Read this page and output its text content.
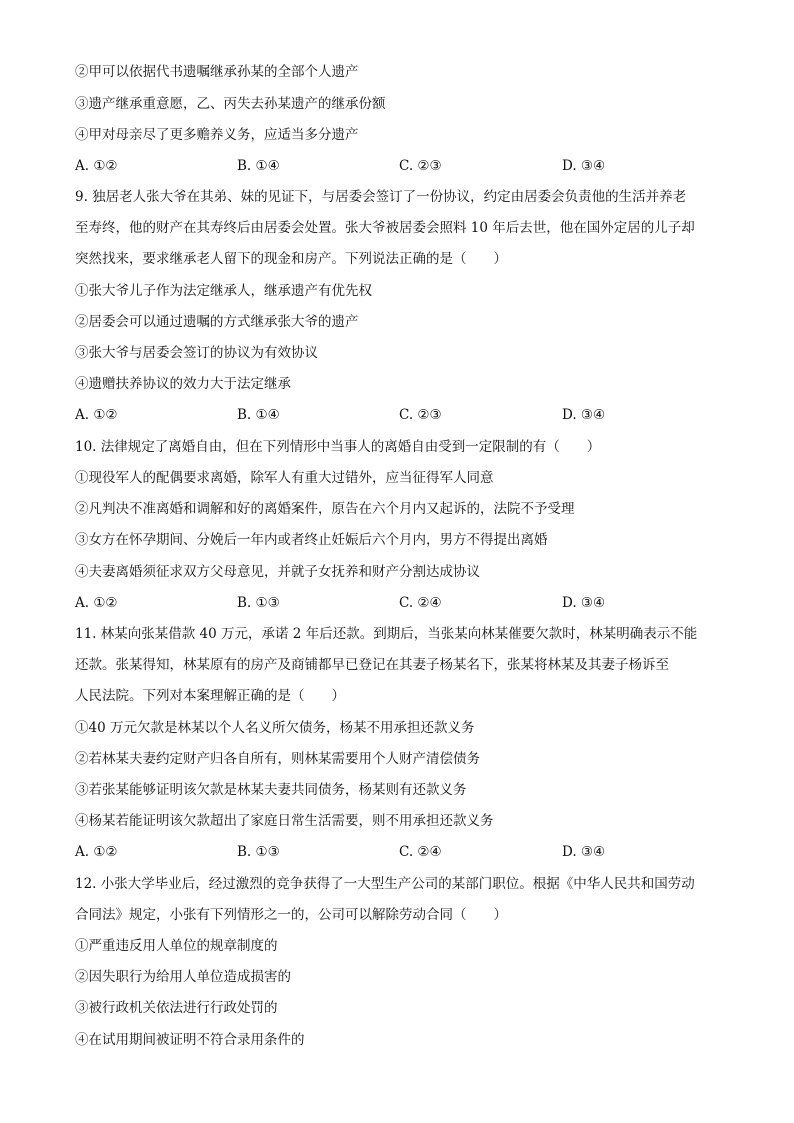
②甲可以依据代书遗嘱继承孙某的全部个人遗产
③遗产继承重意愿，乙、丙失去孙某遗产的继承份额
④甲对母亲尽了更多赡养义务，应适当多分遗产
A. ①②	B. ①④	C. ②③	D. ③④
9. 独居老人张大爷在其弟、妹的见证下，与居委会签订了一份协议，约定由居委会负责他的生活并养老
至寿终，他的财产在其寿终后由居委会处置。张大爷被居委会照料 10 年后去世，他在国外定居的儿子却
突然找来，要求继承老人留下的现金和房产。下列说法正确的是（　　）
①张大爷儿子作为法定继承人，继承遗产有优先权
②居委会可以通过遗嘱的方式继承张大爷的遗产
③张大爷与居委会签订的协议为有效协议
④遗赠扶养协议的效力大于法定继承
A. ①②	B. ①④	C. ②③	D. ③④
10. 法律规定了离婚自由，但在下列情形中当事人的离婚自由受到一定限制的有（　　）
①现役军人的配偶要求离婚，除军人有重大过错外，应当征得军人同意
②凡判决不准离婚和调解和好的离婚案件，原告在六个月内又起诉的，法院不予受理
③女方在怀孕期间、分娩后一年内或者终止妊娠后六个月内，男方不得提出离婚
④夫妻离婚须征求双方父母意见，并就子女抚养和财产分割达成协议
A. ①②	B. ①③	C. ②④	D. ③④
11. 林某向张某借款 40 万元，承诺 2 年后还款。到期后，当张某向林某催要欠款时，林某明确表示不能
还款。张某得知，林某原有的房产及商铺都早已登记在其妻子杨某名下，张某将林某及其妻子杨诉至
人民法院。下列对本案理解正确的是（　　）
①40 万元欠款是林某以个人名义所欠债务，杨某不用承担还款义务
②若林某夫妻约定财产归各自所有，则林某需要用个人财产清偿债务
③若张某能够证明该欠款是林某夫妻共同债务，杨某则有还款义务
④杨某若能证明该欠款超出了家庭日常生活需要，则不用承担还款义务
A. ①②	B. ①③	C. ②④	D. ③④
12. 小张大学毕业后，经过激烈的竞争获得了一大型生产公司的某部门职位。根据《中华人民共和国劳动
合同法》规定，小张有下列情形之一的，公司可以解除劳动合同（　　）
①严重违反用人单位的规章制度的
②因失职行为给用人单位造成损害的
③被行政机关依法进行行政处罚的
④在试用期间被证明不符合录用条件的
